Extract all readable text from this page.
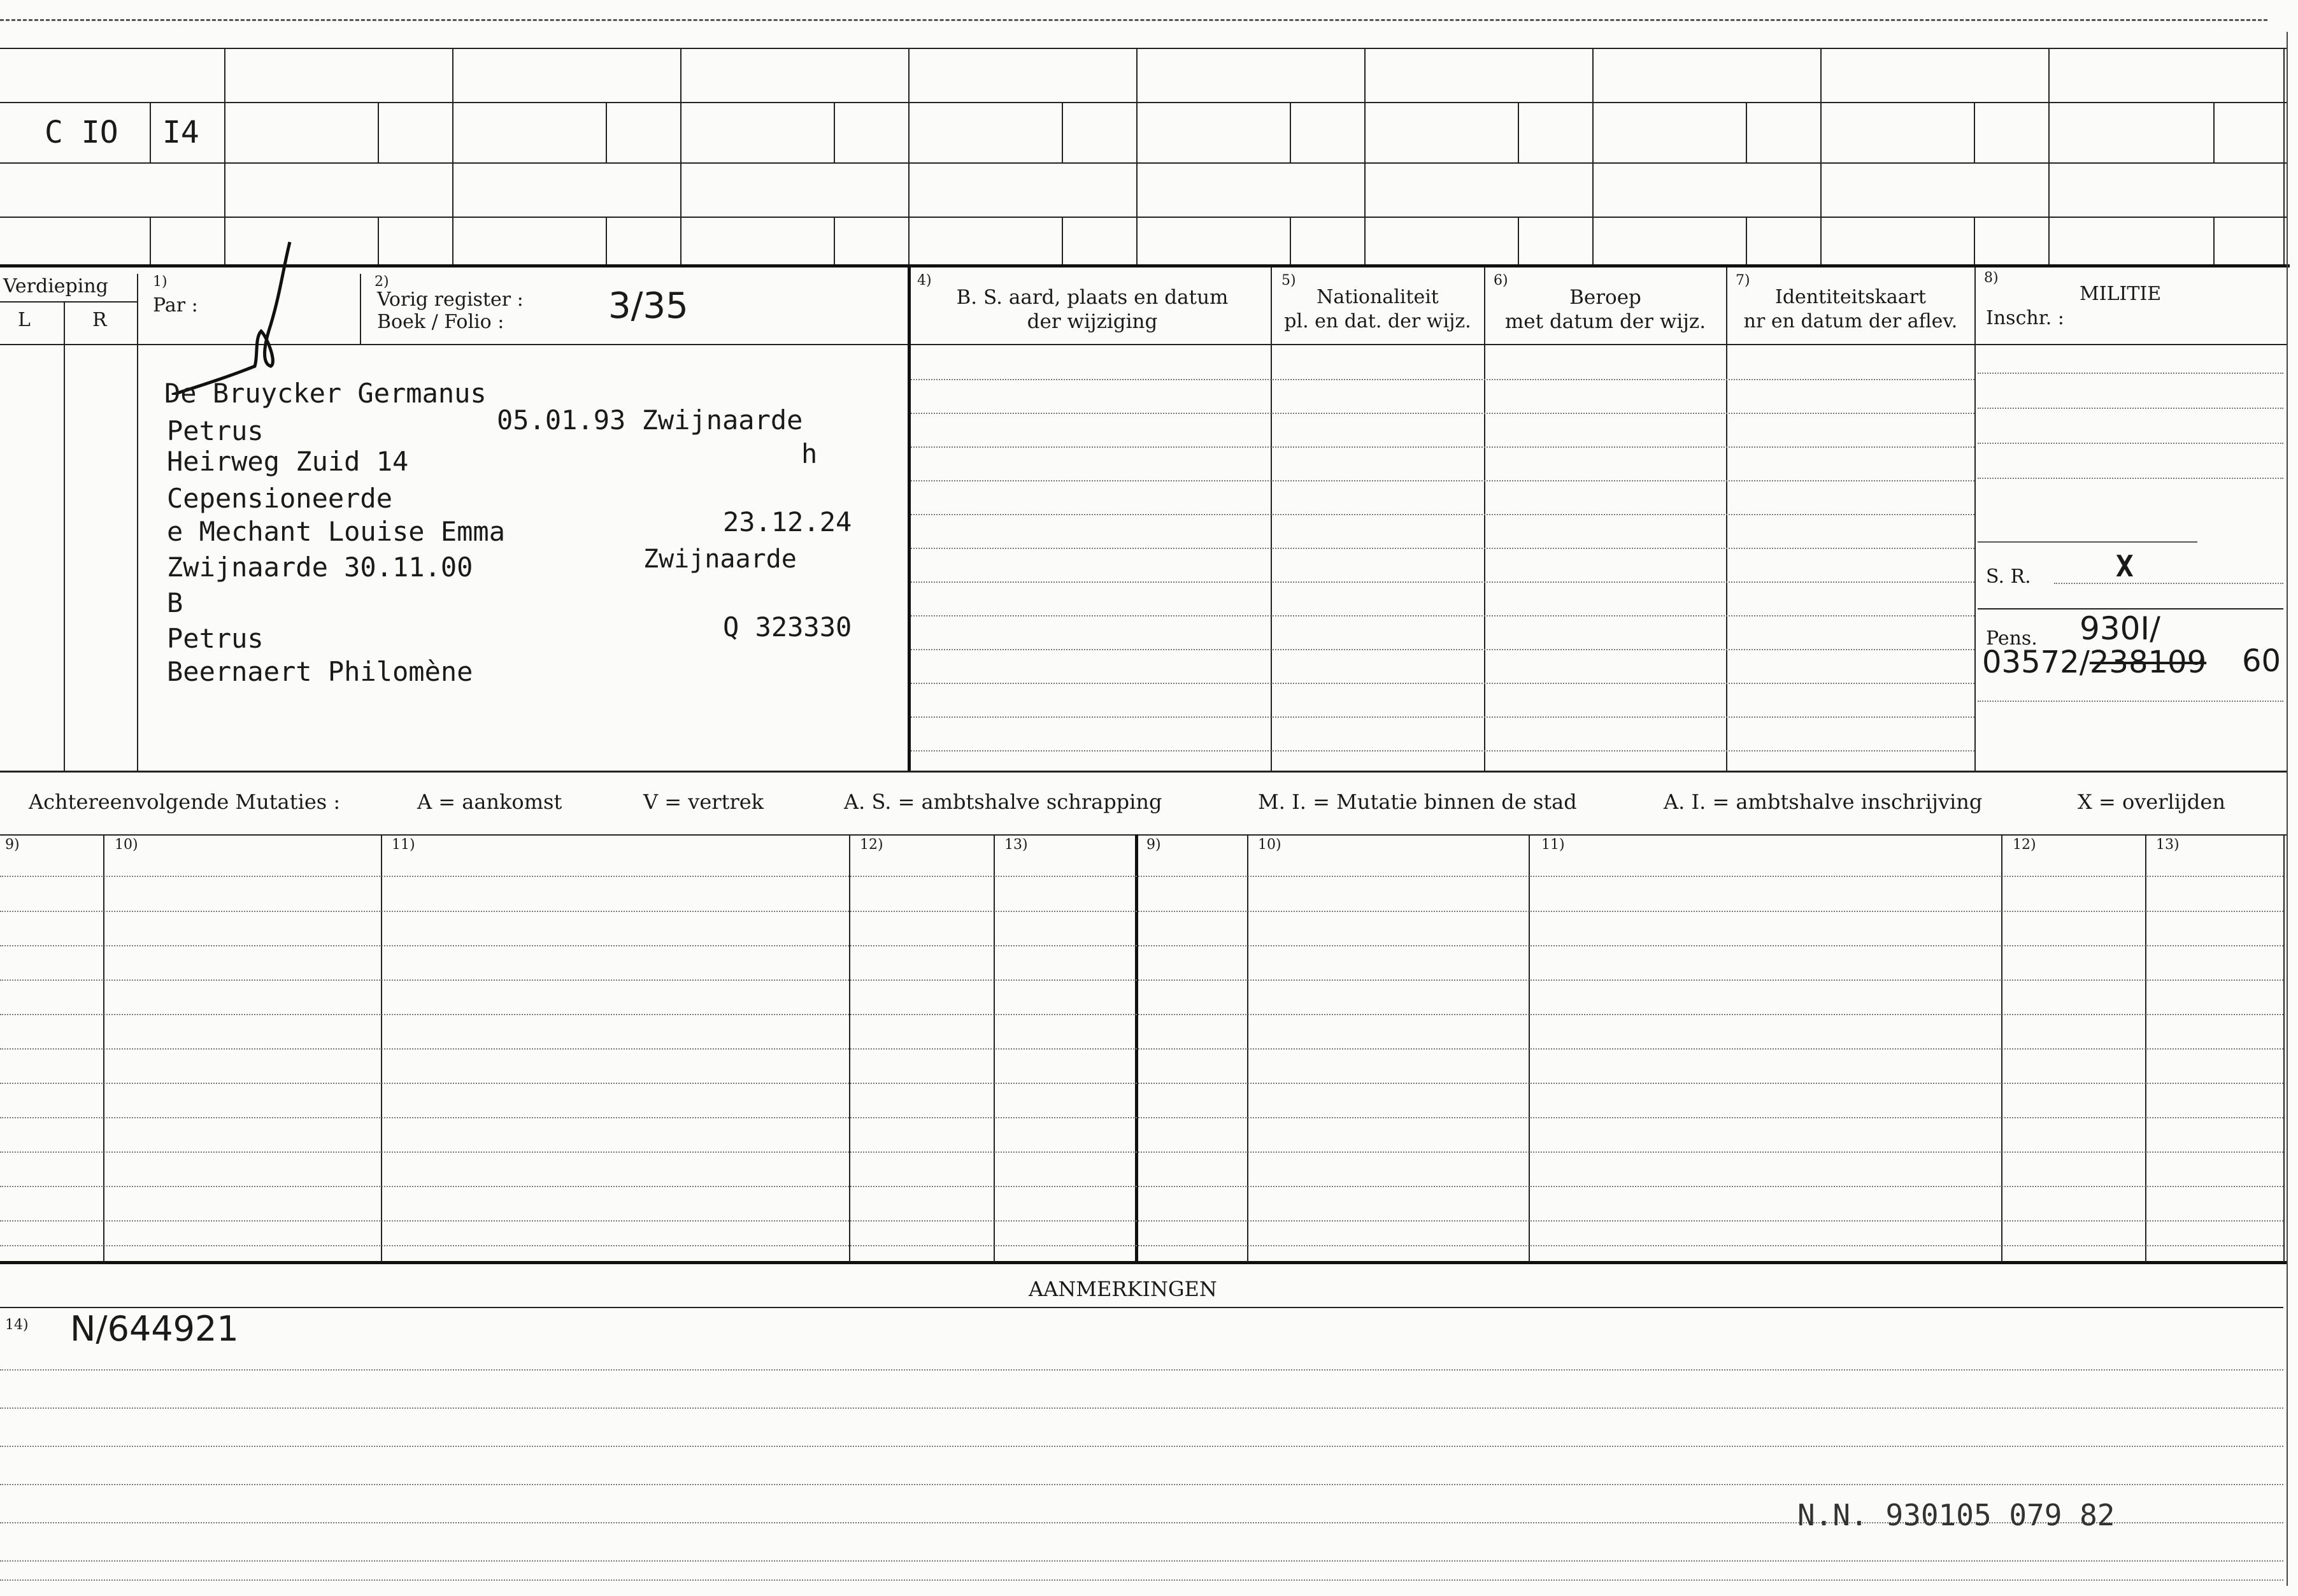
C IO I4
Verdieping
L	R
1)
Par :
2)
Vorig register :
Boek / Folio :	3/35
4)
B. S. aard, plaats en datum
der wijziging
5)
Nationaliteit
pl. en dat. der wijz.
6)
Beroep
met datum der wijz.
7)
Identiteitskaart
nr en datum der aflev.
8)
MILITIE
Inschr. :
De Bruycker Germanus
Petrus	05.01.93 Zwijnaarde
Heirweg Zuid 14	h
Cepensioneerde
e Mechant Louise Emma	23.12.24
Zwijnaarde 30.11.00	Zwijnaarde
B
Petrus	Q 323330
Beernaert Philomène
S. R.	X
Pens. 930I/
03572/238109 60
Achtereenvolgende Mutaties :	A = aankomst	V = vertrek	A. S. = ambtshalve schrapping	M. I. = Mutatie binnen de stad	A. I. = ambtshalve inschrijving	X = overlijden
9)	10)	11)	12)	13)	9)	10)	11)	12)	13)
AANMERKINGEN
14) N/644921
N.N. 930105 079 82
